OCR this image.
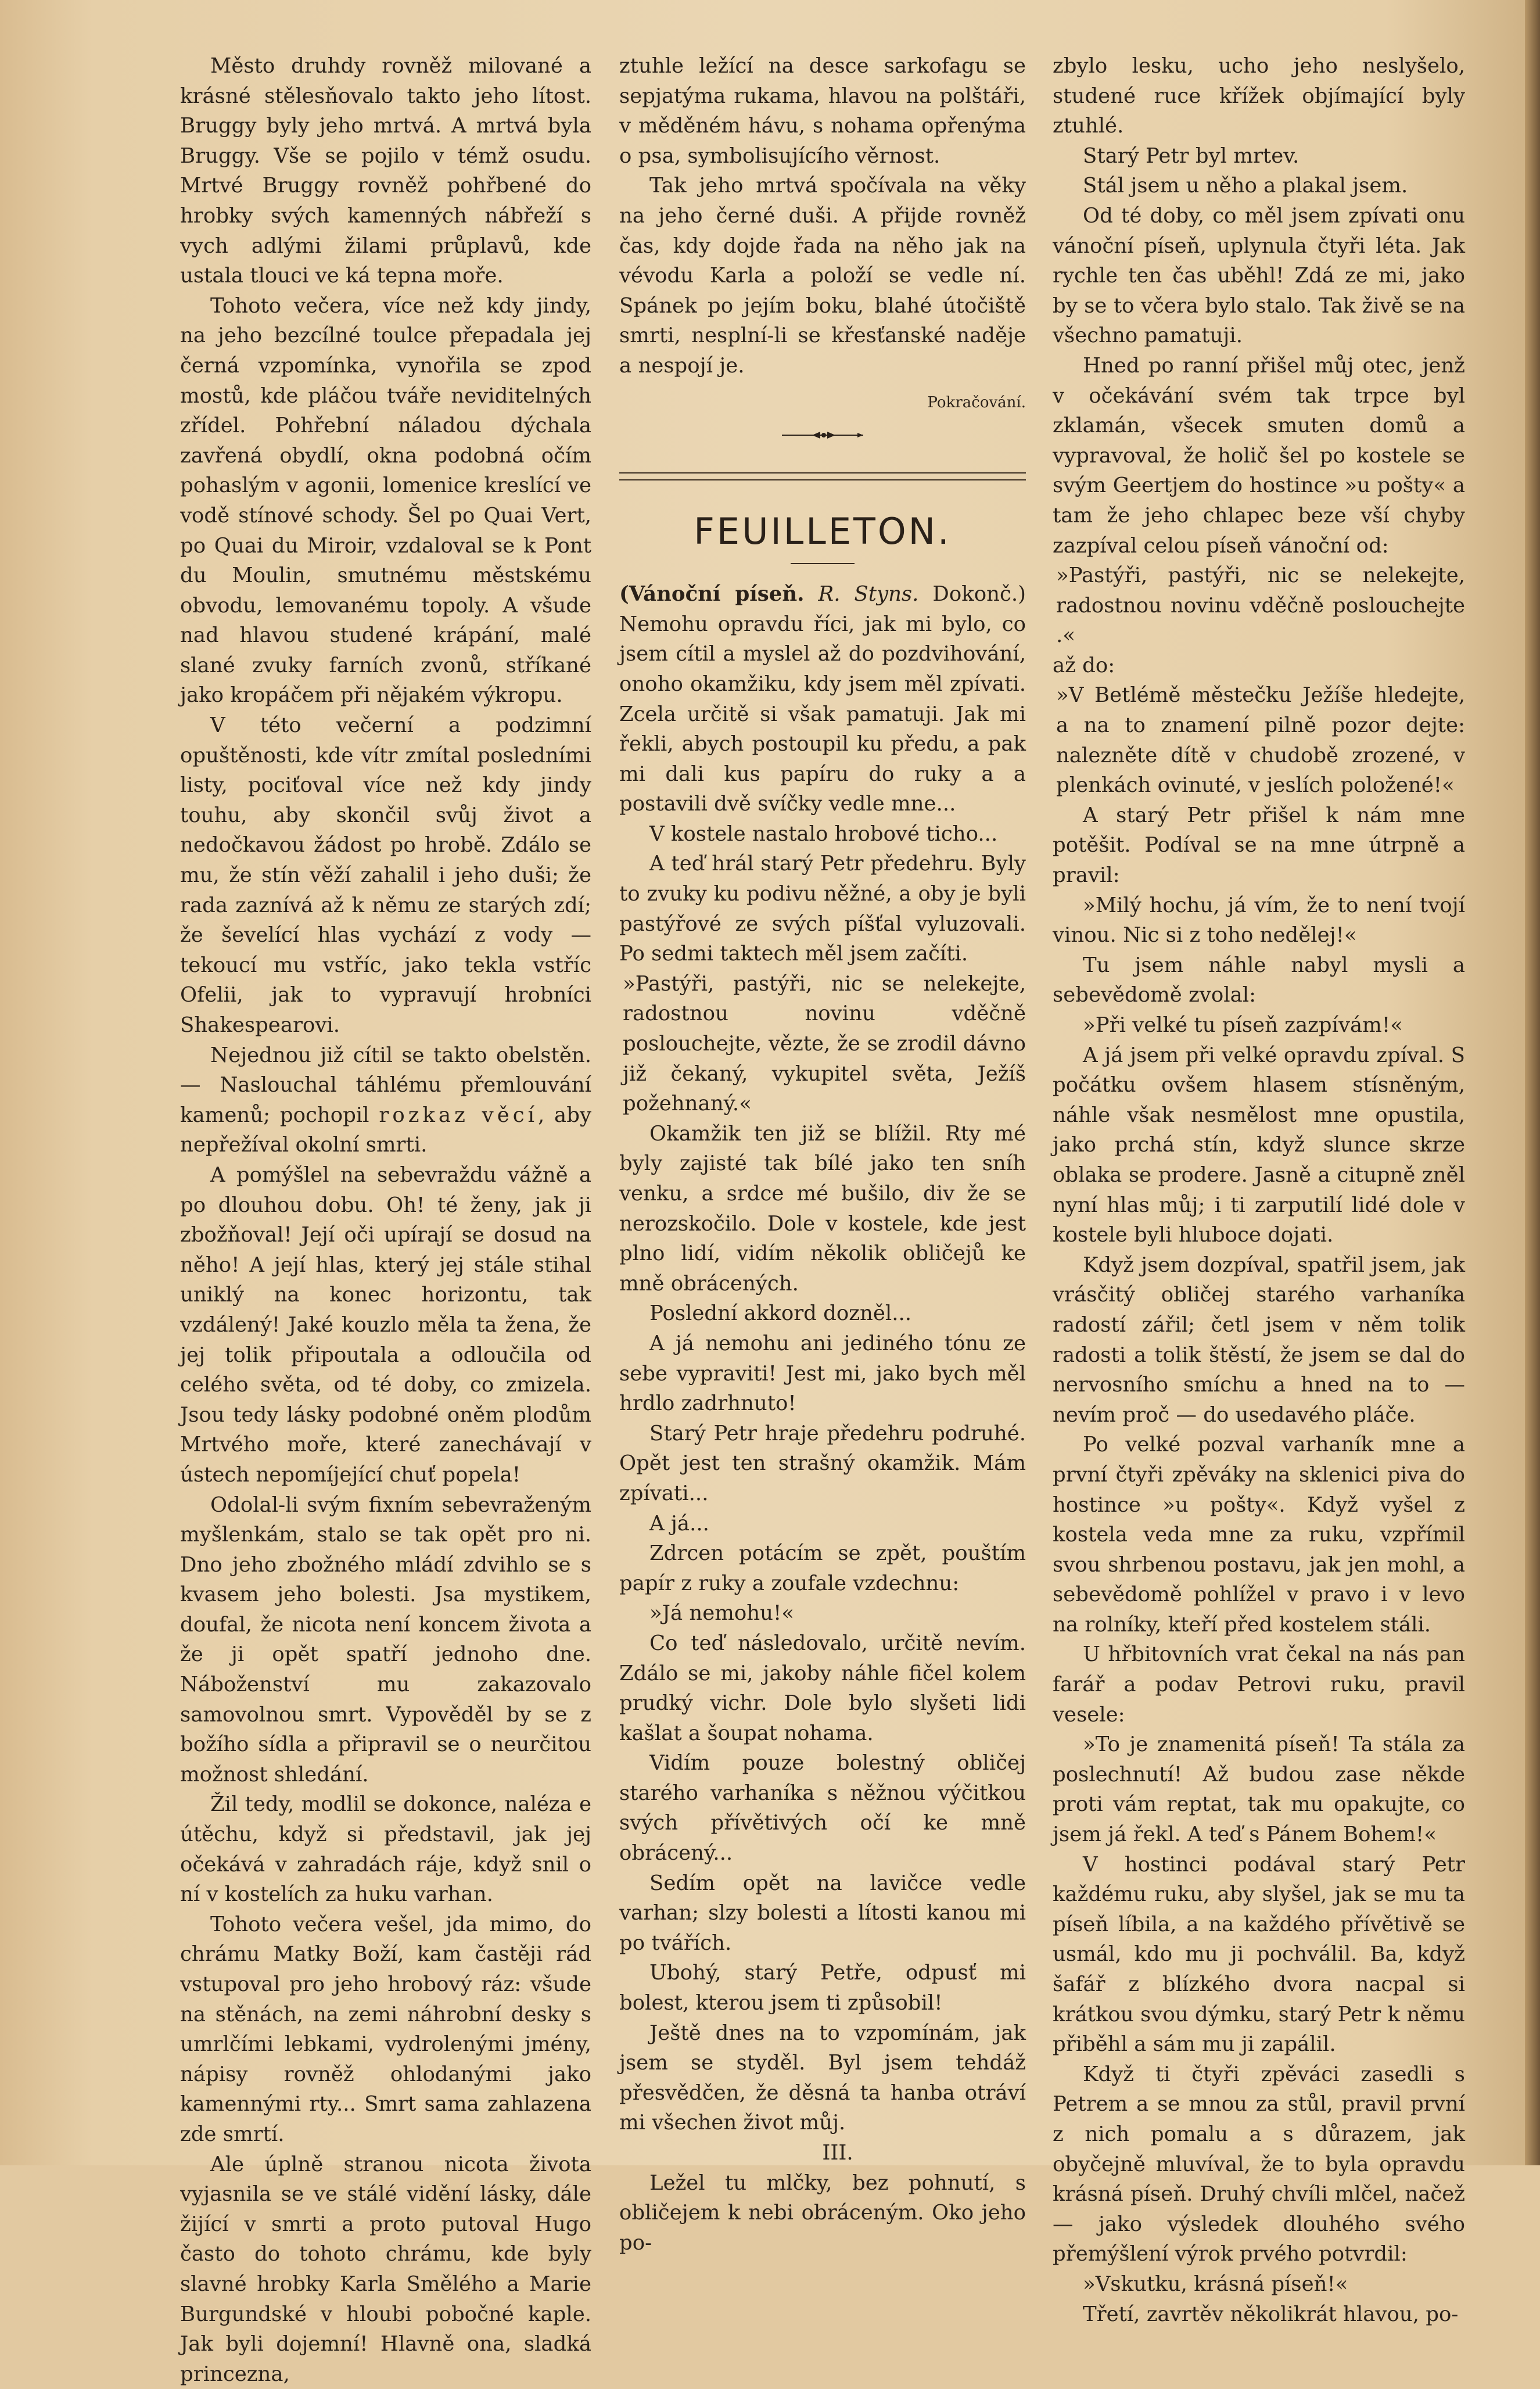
Město druhdy rovněž milované a krásné stělesňovalo takto jeho lítost. Bruggy byly jeho mrtvá. A mrtvá byla Bruggy. Vše se pojilo v témž osudu. Mrtvé Bruggy rovněž pohřbené do hrobky svých kamenných nábřeží s vych adlými žilami průplavů, kde ustala tlouci ve ká tepna moře.

Tohoto večera, více než kdy jindy, na jeho bezcílné toulce přepadala jej černá vzpomínka, vynořila se zpod mostů, kde pláčou tváře neviditelných zřídel. Pohřební náladou dýchala zavřená obydlí, okna podobná očím pohaslým v agonii, lomenice kreslící ve vodě stínové schody. Šel po Quai Vert, po Quai du Miroir, vzdaloval se k Pont du Moulin, smutnému městskému obvodu, lemovanému topoly. A všude nad hlavou studené krápání, malé slané zvuky farních zvonů, stříkané jako kropáčem při nějakém výkropu.

V této večerní a podzimní opuštěnosti, kde vítr zmítal posledními listy, pociťoval více než kdy jindy touhu, aby skončil svůj život a nedočkavou žádost po hrobě. Zdálo se mu, že stín věží zahalil i jeho duši; že rada zaznívá až k němu ze starých zdí; že ševelící hlas vychází z vody — tekoucí mu vstříc, jako tekla vstříc Ofelii, jak to vypravují hrobníci Shakespearovi.

Nejednou již cítil se takto obelstěn. — Naslouchal táhlému přemlouvání kamenů; pochopil rozkaz věcí, aby nepřežíval okolní smrti.

A pomýšlel na sebevraždu vážně a po dlouhou dobu. Oh! té ženy, jak ji zbožňoval! Její oči upírají se dosud na něho! A její hlas, který jej stále stihal uniklý na konec horizontu, tak vzdálený! Jaké kouzlo měla ta žena, že jej tolik připoutala a odloučila od celého světa, od té doby, co zmizela. Jsou tedy lásky podobné oněm plodům Mrtvého moře, které zanechávají v ústech nepomíjející chuť popela!

Odolal-li svým fixním sebevraženým myšlenkám, stalo se tak opět pro ni. Dno jeho zbožného mládí zdvihlo se s kvasem jeho bolesti. Jsa mystikem, doufal, že nicota není koncem života a že ji opět spatří jednoho dne. Náboženství mu zakazovalo samovolnou smrt. Vypověděl by se z božího sídla a připravil se o neurčitou možnost shledání.

Žil tedy, modlil se dokonce, naléza e útěchu, když si představil, jak jej očekává v zahradách ráje, když snil o ní v kostelích za huku varhan.

Tohoto večera vešel, jda mimo, do chrámu Matky Boží, kam častěji rád vstupoval pro jeho hrobový ráz: všude na stěnách, na zemi náhrobní desky s umrlčími lebkami, vydrolenými jmény, nápisy rovněž ohlodanými jako kamennými rty... Smrt sama zahlazena zde smrtí.

Ale úplně stranou nicota života vyjasnila se ve stálé vidění lásky, dále žijící v smrti a proto putoval Hugo často do tohoto chrámu, kde byly slavné hrobky Karla Smělého a Marie Burgundské v hloubi pobočné kaple. Jak byli dojemní! Hlavně ona, sladká princezna,

ztuhle ležící na desce sarkofagu se sepjatýma rukama, hlavou na polštáři, v měděném hávu, s nohama opřenýma o psa, symbolisujícího věrnost.

Tak jeho mrtvá spočívala na věky na jeho černé duši. A přijde rovněž čas, kdy dojde řada na něho jak na vévodu Karla a položí se vedle ní. Spánek po jejím boku, blahé útočiště smrti, nesplní-li se křesťanské naděje a nespojí je.

Pokračování.

FEUILLETON.

(Vánoční píseň. R. Styns. Dokonč.) Nemohu opravdu říci, jak mi bylo, co jsem cítil a myslel až do pozdvihování, onoho okamžiku, kdy jsem měl zpívati. Zcela určitě si však pamatuji. Jak mi řekli, abych postoupil ku předu, a pak mi dali kus papíru do ruky a a postavili dvě svíčky vedle mne...

V kostele nastalo hrobové ticho...

A teď hrál starý Petr předehru. Byly to zvuky ku podivu něžné, a oby je byli pastýřové ze svých píšťal vyluzovali. Po sedmi taktech měl jsem začíti.

»Pastýři, pastýři, nic se nelekejte, radostnou novinu vděčně poslouchejte, vězte, že se zrodil dávno již čekaný, vykupitel světa, Ježíš požehnaný.«

Okamžik ten již se blížil. Rty mé byly zajisté tak bílé jako ten sníh venku, a srdce mé bušilo, div že se nerozskočilo. Dole v kostele, kde jest plno lidí, vidím několik obličejů ke mně obrácených.

Poslední akkord dozněl...

A já nemohu ani jediného tónu ze sebe vypraviti! Jest mi, jako bych měl hrdlo zadrhnuto!

Starý Petr hraje předehru podruhé. Opět jest ten strašný okamžik. Mám zpívati...

A já...

Zdrcen potácím se zpět, pouštím papír z ruky a zoufale vzdechnu:

»Já nemohu!«

Co teď následovalo, určitě nevím. Zdálo se mi, jakoby náhle fičel kolem prudký vichr. Dole bylo slyšeti lidi kašlat a šoupat nohama.

Vidím pouze bolestný obličej starého varhaníka s něžnou výčitkou svých přívětivých očí ke mně obrácený...

Sedím opět na lavičce vedle varhan; slzy bolesti a lítosti kanou mi po tvářích.

Ubohý, starý Petře, odpusť mi bolest, kterou jsem ti způsobil!

Ještě dnes na to vzpomínám, jak jsem se styděl. Byl jsem tehdáž přesvědčen, že děsná ta hanba otráví mi všechen život můj.

III.

Ležel tu mlčky, bez pohnutí, s obličejem k nebi obráceným. Oko jeho po-

zbylo lesku, ucho jeho neslyšelo, studené ruce křížek objímající byly ztuhlé.

Starý Petr byl mrtev.

Stál jsem u něho a plakal jsem.

Od té doby, co měl jsem zpívati onu vánoční píseň, uplynula čtyři léta. Jak rychle ten čas uběhl! Zdá ze mi, jako by se to včera bylo stalo. Tak živě se na všechno pamatuji.

Hned po ranní přišel můj otec, jenž v očekávání svém tak trpce byl zklamán, všecek smuten domů a vypravoval, že holič šel po kostele se svým Geertjem do hostince »u pošty« a tam že jeho chlapec beze vší chyby zazpíval celou píseň vánoční od:

»Pastýři, pastýři, nic se nelekejte, radostnou novinu vděčně poslouchejte .«

až do:

»V Betlémě městečku Ježíše hledejte, a na to znamení pilně pozor dejte: nalezněte dítě v chudobě zrozené, v plenkách ovinuté, v jeslích položené!«

A starý Petr přišel k nám mne potěšit. Podíval se na mne útrpně a pravil:

»Milý hochu, já vím, že to není tvojí vinou. Nic si z toho nedělej!«

Tu jsem náhle nabyl mysli a sebevědomě zvolal:

»Při velké tu píseň zazpívám!«

A já jsem při velké opravdu zpíval. S počátku ovšem hlasem stísněným, náhle však nesmělost mne opustila, jako prchá stín, když slunce skrze oblaka se prodere. Jasně a citupně zněl nyní hlas můj; i ti zarputilí lidé dole v kostele byli hluboce dojati.

Když jsem dozpíval, spatřil jsem, jak vrásčitý obličej starého varhaníka radostí zářil; četl jsem v něm tolik radosti a tolik štěstí, že jsem se dal do nervosního smíchu a hned na to — nevím proč — do usedavého pláče.

Po velké pozval varhaník mne a první čtyři zpěváky na sklenici piva do hostince »u pošty«. Když vyšel z kostela veda mne za ruku, vzpřímil svou shrbenou postavu, jak jen mohl, a sebevědomě pohlížel v pravo i v levo na rolníky, kteří před kostelem stáli.

U hřbitovních vrat čekal na nás pan farář a podav Petrovi ruku, pravil vesele:

»To je znamenitá píseň! Ta stála za poslechnutí! Až budou zase někde proti vám reptat, tak mu opakujte, co jsem já řekl. A teď s Pánem Bohem!«

V hostinci podával starý Petr každému ruku, aby slyšel, jak se mu ta píseň líbila, a na každého přívětivě se usmál, kdo mu ji pochválil. Ba, když šafář z blízkého dvora nacpal si krátkou svou dýmku, starý Petr k němu přiběhl a sám mu ji zapálil.

Když ti čtyři zpěváci zasedli s Petrem a se mnou za stůl, pravil první z nich pomalu a s důrazem, jak obyčejně mluvíval, že to byla opravdu krásná píseň. Druhý chvíli mlčel, načež — jako výsledek dlouhého svého přemýšlení výrok prvého potvrdil:

»Vskutku, krásná píseň!«

Třetí, zavrtěv několikrát hlavou, po-
